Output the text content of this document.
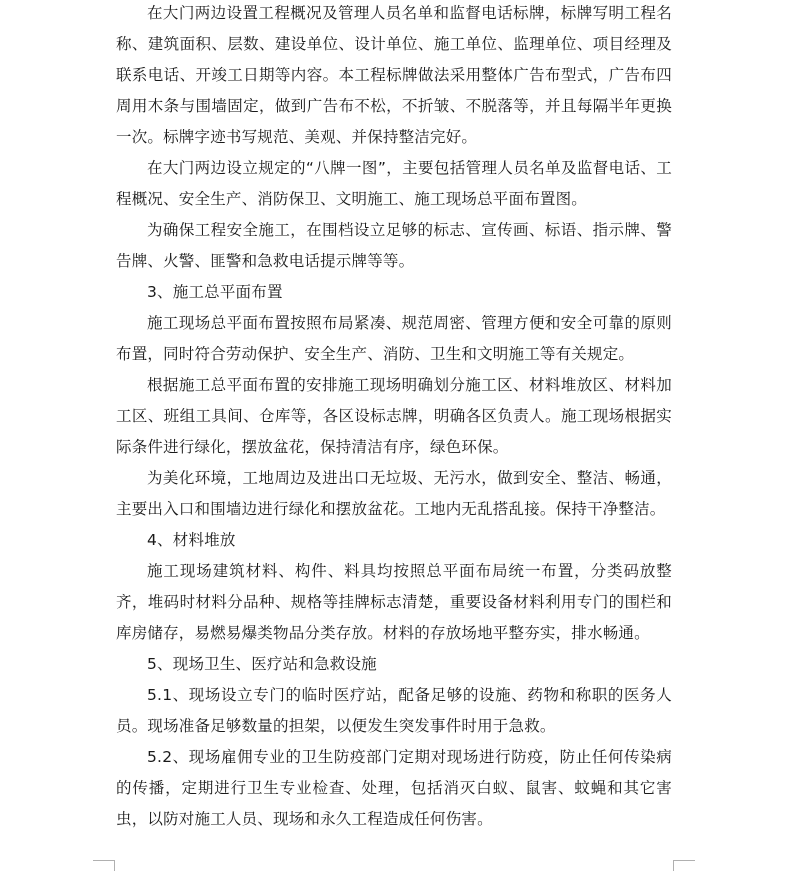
在大门两边设置工程概况及管理人员名单和监督电话标牌，标牌写明工程名称、建筑面积、层数、建设单位、设计单位、施工单位、监理单位、项目经理及联系电话、开竣工日期等内容。本工程标牌做法采用整体广告布型式，广告布四周用木条与围墙固定，做到广告布不松，不折皱、不脱落等，并且每隔半年更换一次。标牌字迹书写规范、美观、并保持整洁完好。

在大门两边设立规定的“八牌一图”，主要包括管理人员名单及监督电话、工程概况、安全生产、消防保卫、文明施工、施工现场总平面布置图。

为确保工程安全施工，在围档设立足够的标志、宣传画、标语、指示牌、警告牌、火警、匪警和急救电话提示牌等等。

3、施工总平面布置

施工现场总平面布置按照布局紧凑、规范周密、管理方便和安全可靠的原则布置，同时符合劳动保护、安全生产、消防、卫生和文明施工等有关规定。

根据施工总平面布置的安排施工现场明确划分施工区、材料堆放区、材料加工区、班组工具间、仓库等，各区设标志牌，明确各区负责人。施工现场根据实际条件进行绿化，摆放盆花，保持清洁有序，绿色环保。

为美化环境，工地周边及进出口无垃圾、无污水，做到安全、整洁、畅通，主要出入口和围墙边进行绿化和摆放盆花。工地内无乱搭乱接。保持干净整洁。

4、材料堆放

施工现场建筑材料、构件、料具均按照总平面布局统一布置，分类码放整齐，堆码时材料分品种、规格等挂牌标志清楚，重要设备材料利用专门的围栏和库房储存，易燃易爆类物品分类存放。材料的存放场地平整夯实，排水畅通。

5、现场卫生、医疗站和急救设施

5.1、现场设立专门的临时医疗站，配备足够的设施、药物和称职的医务人员。现场准备足够数量的担架，以便发生突发事件时用于急救。

5.2、现场雇佣专业的卫生防疫部门定期对现场进行防疫，防止任何传染病的传播，定期进行卫生专业检查、处理，包括消灭白蚁、鼠害、蚊蝇和其它害虫，以防对施工人员、现场和永久工程造成任何伤害。
